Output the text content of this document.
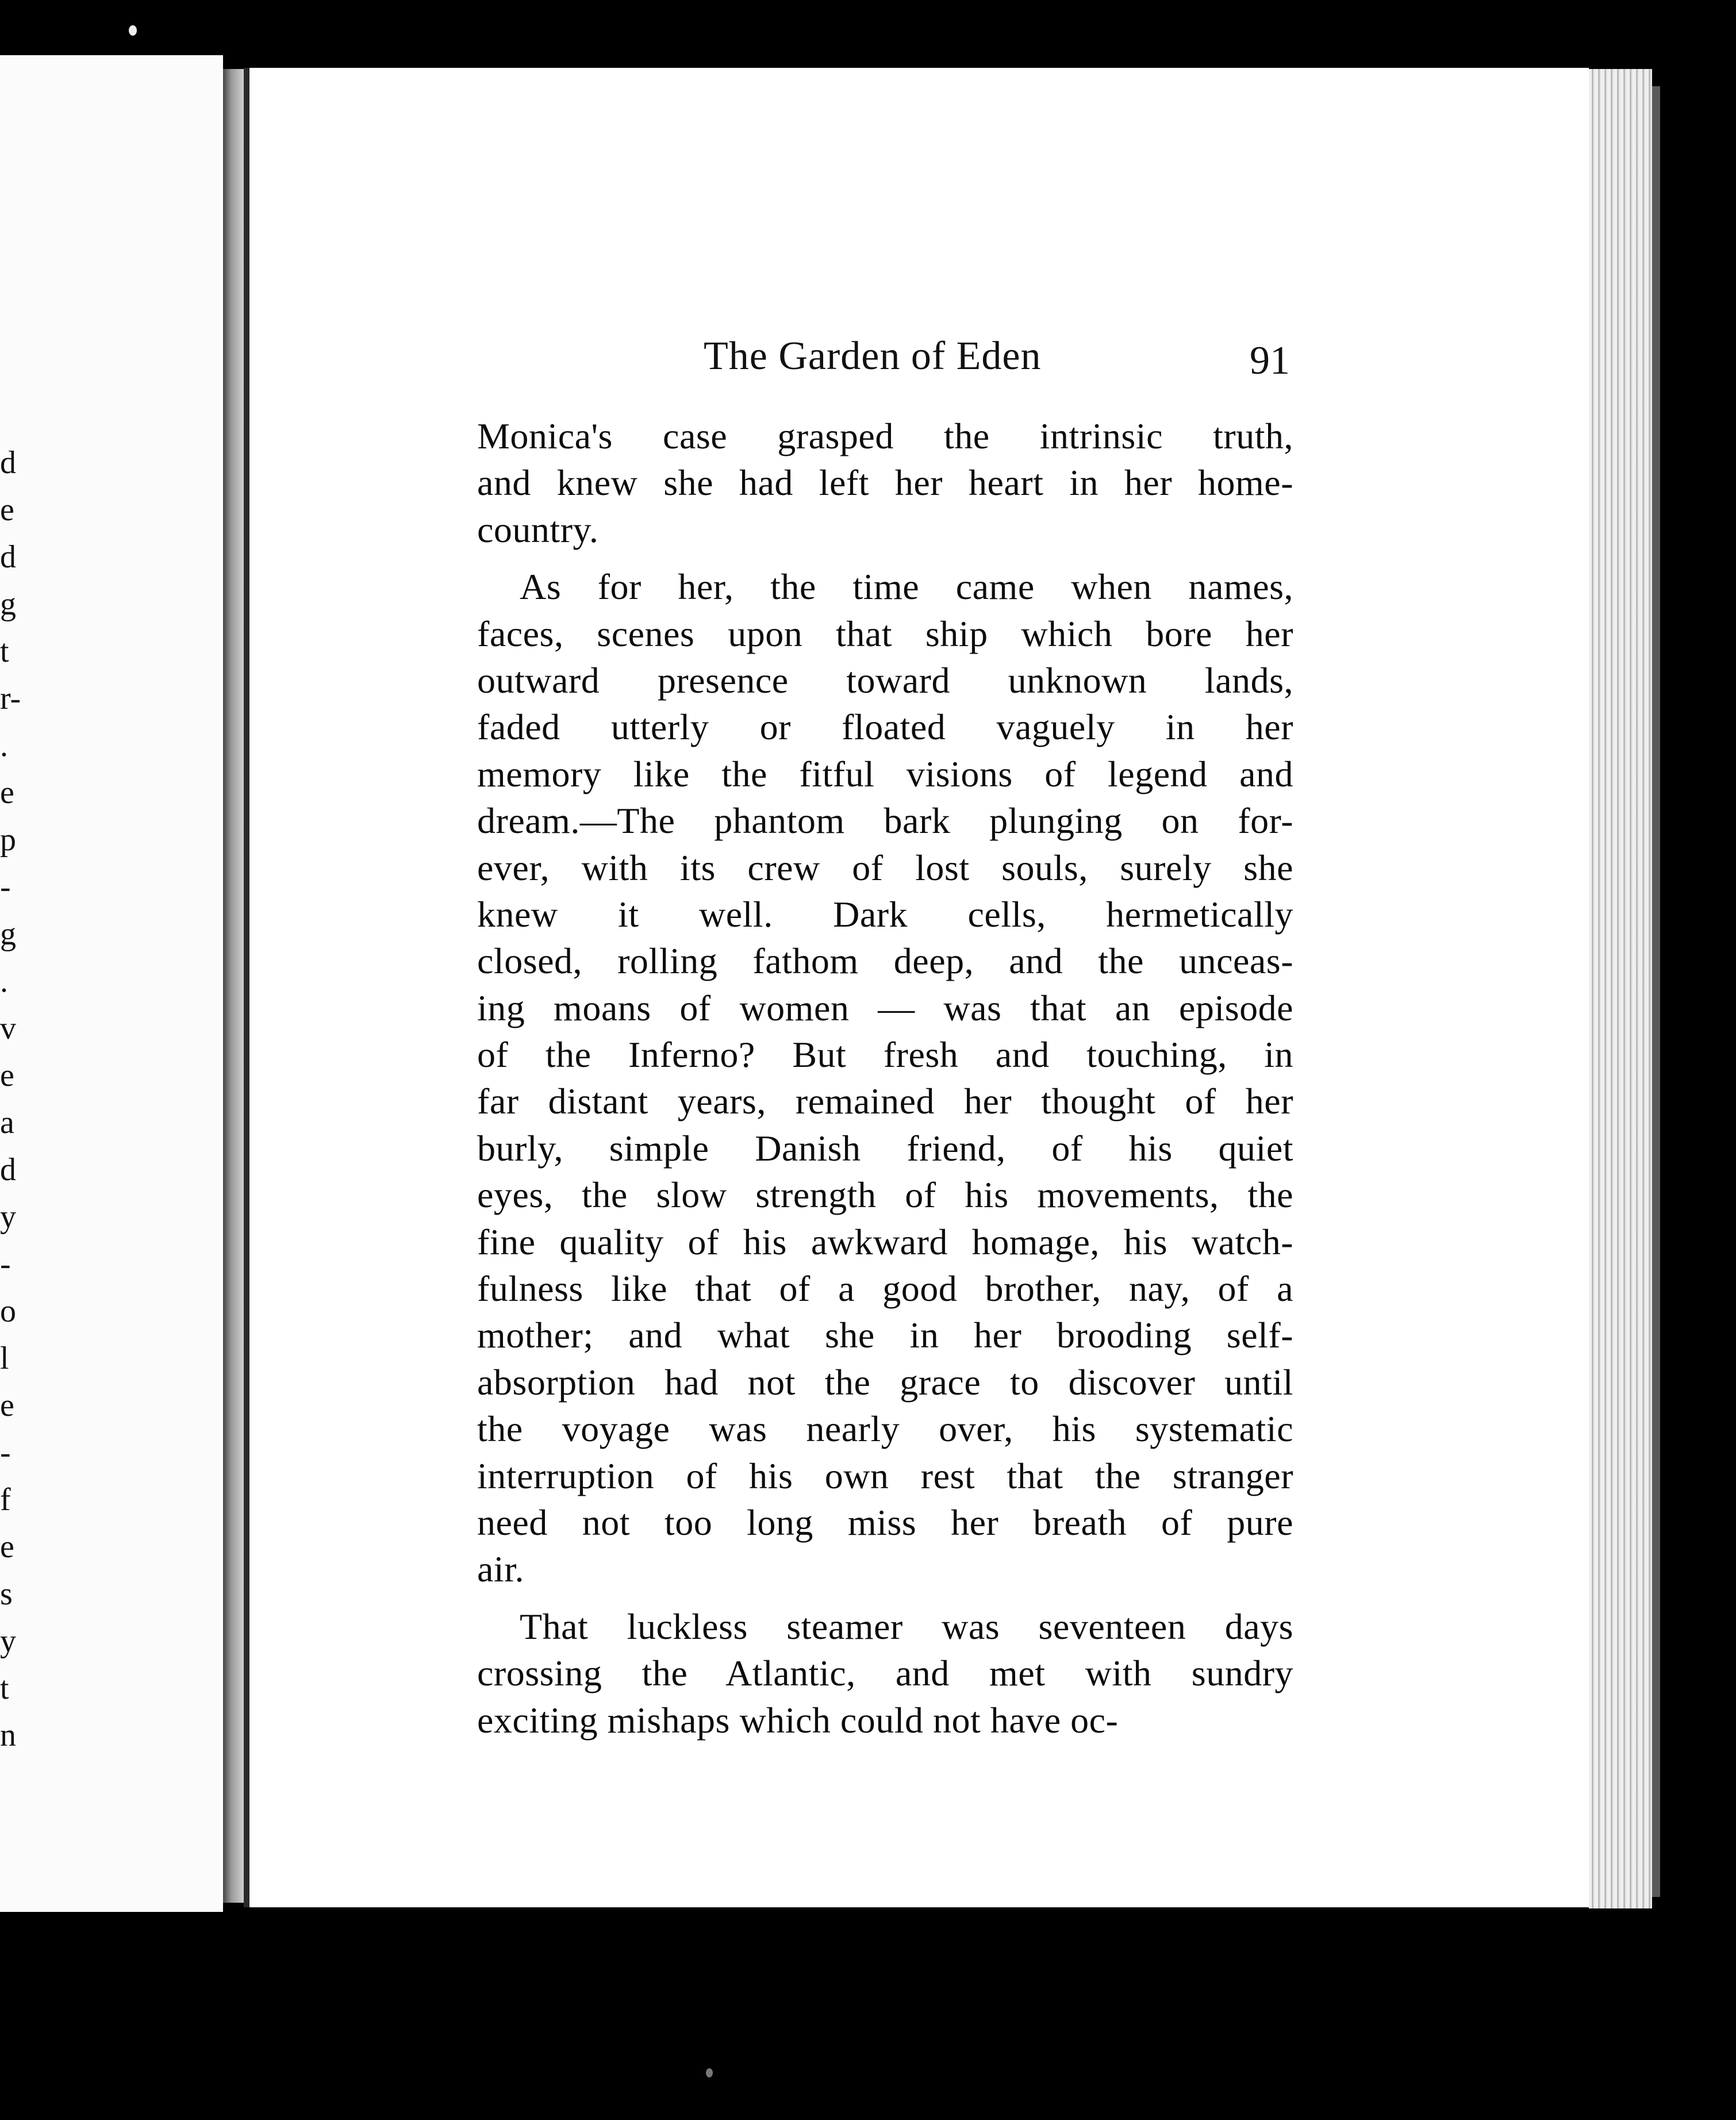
d
e
d
g
t
r-
.
e
p
-
g
.
v
e
a
d
y
-
o
l
e
-
f
e
s
y
t
n
The Garden of Eden	91
Monica's case grasped the intrinsic truth,
and knew she had left her heart in her home-
country.
As for her, the time came when names,
faces, scenes upon that ship which bore her
outward presence toward unknown lands,
faded utterly or floated vaguely in her
memory like the fitful visions of legend and
dream.—The phantom bark plunging on for-
ever, with its crew of lost souls, surely she
knew it well. Dark cells, hermetically
closed, rolling fathom deep, and the unceas-
ing moans of women — was that an episode
of the Inferno? But fresh and touching, in
far distant years, remained her thought of her
burly, simple Danish friend, of his quiet
eyes, the slow strength of his movements, the
fine quality of his awkward homage, his watch-
fulness like that of a good brother, nay, of a
mother; and what she in her brooding self-
absorption had not the grace to discover until
the voyage was nearly over, his systematic
interruption of his own rest that the stranger
need not too long miss her breath of pure
air.
That luckless steamer was seventeen days
crossing the Atlantic, and met with sundry
exciting mishaps which could not have oc-
